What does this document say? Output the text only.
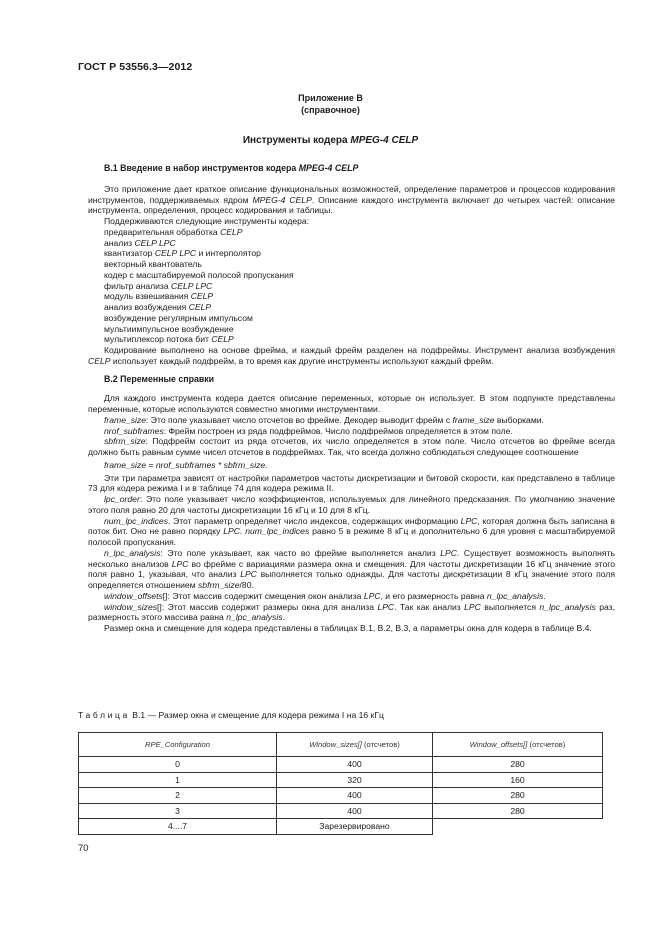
ГОСТ Р 53556.3—2012
Приложение В
(справочное)
Инструменты кодера MPEG-4 CELP
В.1 Введение в набор инструментов кодера MPEG-4 CELP

Это приложение дает краткое описание функциональных возможностей, определение параметров и процессов кодирования инструментов, поддерживаемых ядром MPEG-4 CELP. Описание каждого инструмента включает до четырех частей: описание инструмента, определения, процесс кодирования и таблицы.

Поддерживаются следующие инструменты кодера:
предварительная обработка CELP
анализ CELP LPC
квантизатор CELP LPC и интерполятор
векторный квантователь
кодер с масштабируемой полосой пропускания
фильтр анализа CELP LPC
модуль взвешивания CELP
анализ возбуждения CELP
возбуждение регулярным импульсом
мультиимпульсное возбуждение
мультиплексор потока бит CELP

Кодирование выполнено на основе фрейма, и каждый фрейм разделен на подфреймы. Инструмент анализа возбуждения CELP использует каждый подфрейм, в то время как другие инструменты используют каждый фрейм.

В.2 Переменные справки

Для каждого инструмента кодера дается описание переменных, которые он использует. В этом подпункте представлены переменные, которые используются совместно многими инструментами.

frame_size: Это поле указывает число отсчетов во фрейме. Декодер выводит фрейм с frame_size выборками.

nrof_subframes: Фрейм построен из ряда подфреймов. Число подфреймов определяется в этом поле.

sbfrm_size: Подфрейм состоит из ряда отсчетов, их число определяется в этом поле. Число отсчетов во фрейме всегда должно быть равным сумме чисел отсчетов в подфреймах. Так, что всегда должно соблюдаться следующее соотношение

frame_size = nrof_subframes * sbfrm_size.

Эти три параметра зависят от настройки параметров частоты дискретизации и битовой скорости, как представлено в таблице 73 для кодера режима I и в таблице 74 для кодера режима II.

lpc_order: Это поле указывает число коэффициентов, используемых для линейного предсказания. По умолчанию значение этого поля равно 20 для частоты дискретизации 16 кГц и 10 для 8 кГц.

num_lpc_indices. Этот параметр определяет число индексов, содержащих информацию LPC, которая должна быть записана в поток бит. Оно не равно порядку LPC. num_lpc_indices равно 5 в режиме 8 кГц и дополнительно 6 для уровня с масштабируемой полосой пропускания.

n_lpc_analysis: Это поле указывает, как часто во фрейме выполняется анализ LPC. Существует возможность выполнять несколько анализов LPC во фрейме с вариациями размера окна и смещения. Для частоты дискретизации 16 кГц значение этого поля равно 1, указывая, что анализ LPC выполняется только однажды. Для частоты дискретизации 8 кГц значение этого поля определяется отношением sbfrm_size/80.

window_offsets[]: Этот массив содержит смещения окон анализа LPC, и его размерность равна n_lpc_analysis.

window_sizes[]: Этот массив содержит размеры окна для анализа LPC. Так как анализ LPC выполняется n_lpc_analysis раз, размерность этого массива равна n_lpc_analysis.

Размер окна и смещение для кодера представлены в таблицах В.1, В.2, В.3, а параметры окна для кодера в таблице В.4.

Таблица В.1 — Размер окна и смещение для кодера режима I на 16 кГц
RPE_Configuration	Window_sizes[] (отсчетов)	Window_offsets[] (отсчетов)
0	400	280
1	320	160
2	400	280
3	400	280
4....7	Зарезервировано	
70
